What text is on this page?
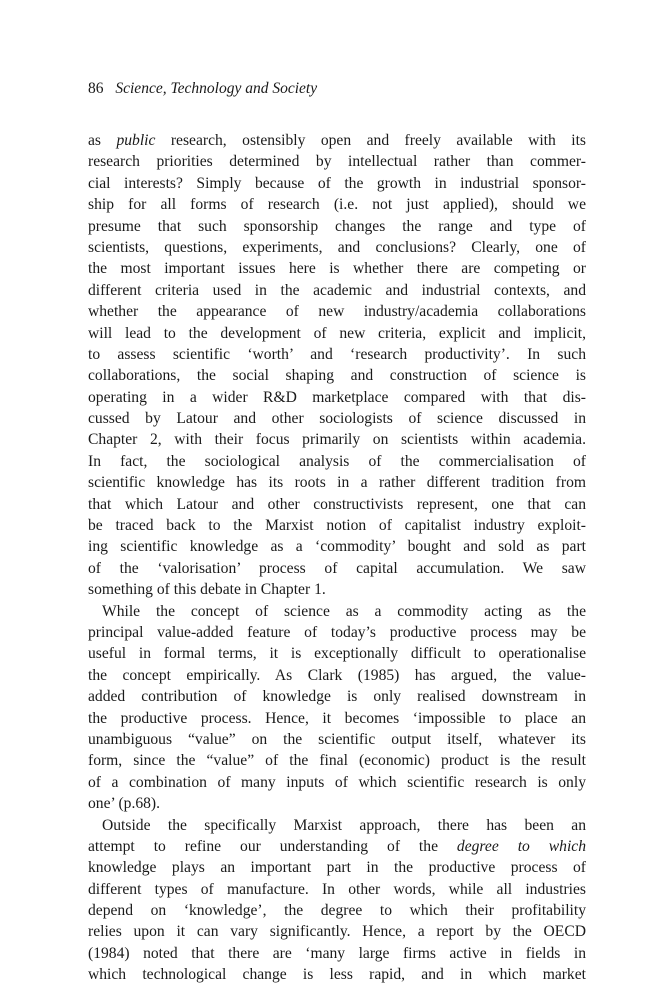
86 Science, Technology and Society
as public research, ostensibly open and freely available with its
research priorities determined by intellectual rather than commer-
cial interests? Simply because of the growth in industrial sponsor-
ship for all forms of research (i.e. not just applied), should we
presume that such sponsorship changes the range and type of
scientists, questions, experiments, and conclusions? Clearly, one of
the most important issues here is whether there are competing or
different criteria used in the academic and industrial contexts, and
whether the appearance of new industry/academia collaborations
will lead to the development of new criteria, explicit and implicit,
to assess scientific ‘worth’ and ‘research productivity’. In such
collaborations, the social shaping and construction of science is
operating in a wider R&D marketplace compared with that dis-
cussed by Latour and other sociologists of science discussed in
Chapter 2, with their focus primarily on scientists within academia.
In fact, the sociological analysis of the commercialisation of
scientific knowledge has its roots in a rather different tradition from
that which Latour and other constructivists represent, one that can
be traced back to the Marxist notion of capitalist industry exploit-
ing scientific knowledge as a ‘commodity’ bought and sold as part
of the ‘valorisation’ process of capital accumulation. We saw
something of this debate in Chapter 1.
While the concept of science as a commodity acting as the
principal value-added feature of today’s productive process may be
useful in formal terms, it is exceptionally difficult to operationalise
the concept empirically. As Clark (1985) has argued, the value-
added contribution of knowledge is only realised downstream in
the productive process. Hence, it becomes ‘impossible to place an
unambiguous “value” on the scientific output itself, whatever its
form, since the “value” of the final (economic) product is the result
of a combination of many inputs of which scientific research is only
one’ (p.68).
Outside the specifically Marxist approach, there has been an
attempt to refine our understanding of the degree to which
knowledge plays an important part in the productive process of
different types of manufacture. In other words, while all industries
depend on ‘knowledge’, the degree to which their profitability
relies upon it can vary significantly. Hence, a report by the OECD
(1984) noted that there are ‘many large firms active in fields in
which technological change is less rapid, and in which market
